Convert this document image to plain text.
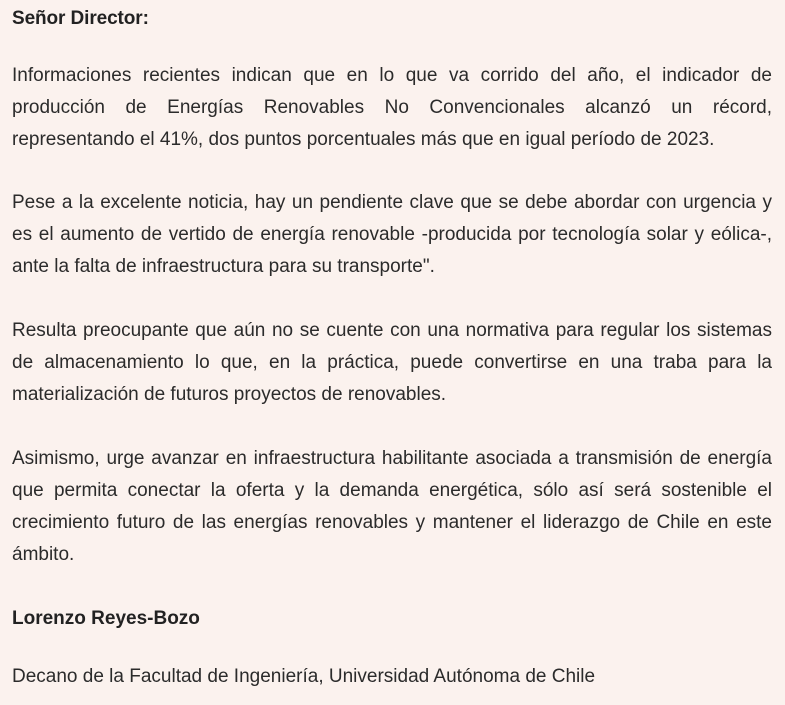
Señor Director:

Informaciones recientes indican que en lo que va corrido del año, el indicador de producción de Energías Renovables No Convencionales alcanzó un récord, representando el 41%, dos puntos porcentuales más que en igual período de 2023.

Pese a la excelente noticia, hay un pendiente clave que se debe abordar con urgencia y es el aumento de vertido de energía renovable -producida por tecnología solar y eólica-, ante la falta de infraestructura para su transporte".

Resulta preocupante que aún no se cuente con una normativa para regular los sistemas de almacenamiento lo que, en la práctica, puede convertirse en una traba para la materialización de futuros proyectos de renovables.

Asimismo, urge avanzar en infraestructura habilitante asociada a transmisión de energía que permita conectar la oferta y la demanda energética, sólo así será sostenible el crecimiento futuro de las energías renovables y mantener el liderazgo de Chile en este ámbito.

Lorenzo Reyes-Bozo

Decano de la Facultad de Ingeniería, Universidad Autónoma de Chile
